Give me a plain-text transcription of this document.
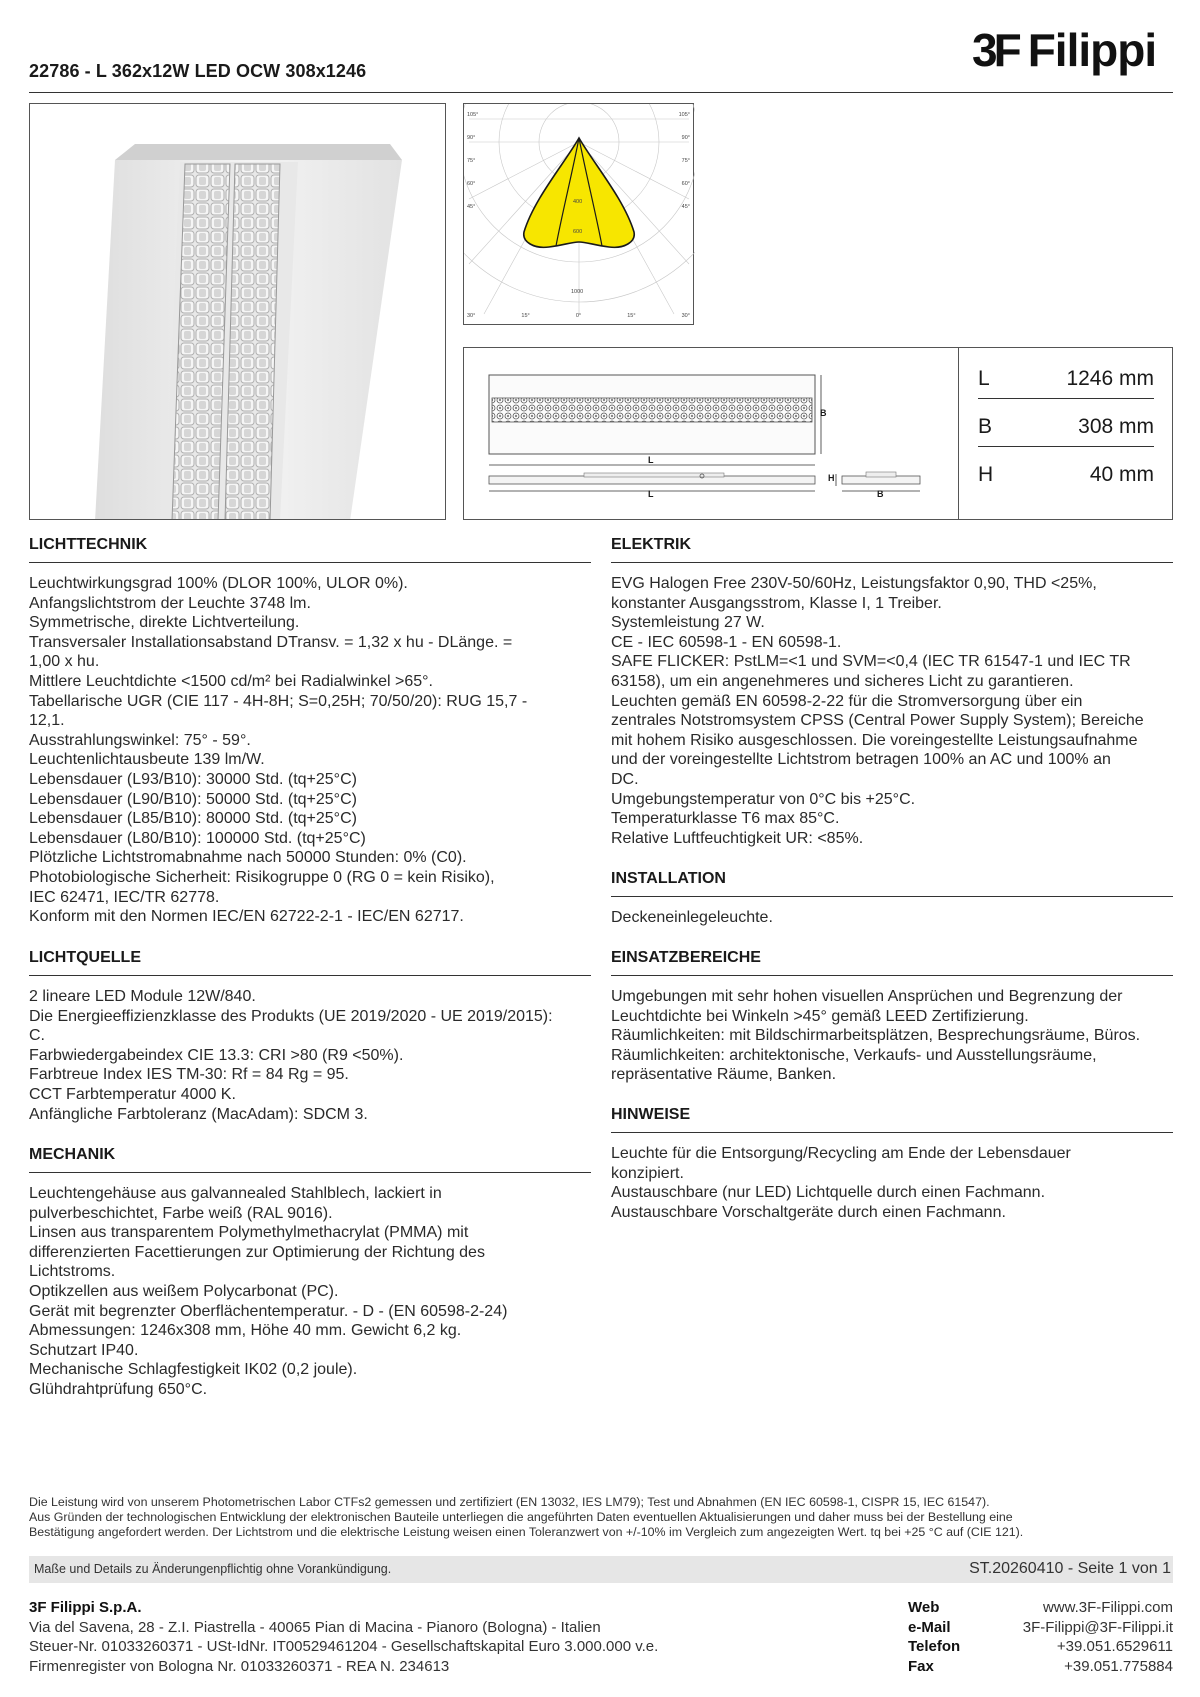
22786 - L 362x12W LED OCW 308x1246	3F Filippi
105°
90°
75°
60°
45°
105°
90°
75°
60°
45°
30°	15°	0°	15°	30°
400
600
1000
B
L
L
H
B
L	1246 mm
B	308 mm
H	40 mm
LICHTTECHNIK
Leuchtwirkungsgrad 100% (DLOR 100%, ULOR 0%).
Anfangslichtstrom der Leuchte 3748 lm.
Symmetrische, direkte Lichtverteilung.
Transversaler Installationsabstand DTransv. = 1,32 x hu - DLänge. =
1,00 x hu.
Mittlere Leuchtdichte <1500 cd/m² bei Radialwinkel >65°.
Tabellarische UGR (CIE 117 - 4H-8H; S=0,25H; 70/50/20): RUG 15,7 -
12,1.
Ausstrahlungswinkel: 75° - 59°.
Leuchtenlichtausbeute 139 lm/W.
Lebensdauer (L93/B10): 30000 Std. (tq+25°C)
Lebensdauer (L90/B10): 50000 Std. (tq+25°C)
Lebensdauer (L85/B10): 80000 Std. (tq+25°C)
Lebensdauer (L80/B10): 100000 Std. (tq+25°C)
Plötzliche Lichtstromabnahme nach 50000 Stunden: 0% (C0).
Photobiologische Sicherheit: Risikogruppe 0 (RG 0 = kein Risiko),
IEC 62471, IEC/TR 62778.
Konform mit den Normen IEC/EN 62722-2-1 - IEC/EN 62717.
LICHTQUELLE
2 lineare LED Module 12W/840.
Die Energieeffizienzklasse des Produkts (UE 2019/2020 - UE 2019/2015):
C.
Farbwiedergabeindex CIE 13.3: CRI >80 (R9 <50%).
Farbtreue Index IES TM-30: Rf = 84 Rg = 95.
CCT Farbtemperatur 4000 K.
Anfängliche Farbtoleranz (MacAdam): SDCM 3.
MECHANIK
Leuchtengehäuse aus galvannealed Stahlblech, lackiert in
pulverbeschichtet, Farbe weiß (RAL 9016).
Linsen aus transparentem Polymethylmethacrylat (PMMA) mit
differenzierten Facettierungen zur Optimierung der Richtung des
Lichtstroms.
Optikzellen aus weißem Polycarbonat (PC).
Gerät mit begrenzter Oberflächentemperatur. - D - (EN 60598-2-24)
Abmessungen: 1246x308 mm, Höhe 40 mm. Gewicht 6,2 kg.
Schutzart IP40.
Mechanische Schlagfestigkeit IK02 (0,2 joule).
Glühdrahtprüfung 650°C.
ELEKTRIK
EVG Halogen Free 230V-50/60Hz, Leistungsfaktor 0,90, THD <25%,
konstanter Ausgangsstrom, Klasse I, 1 Treiber.
Systemleistung 27 W.
CE - IEC 60598-1 - EN 60598-1.
SAFE FLICKER: PstLM=<1 und SVM=<0,4 (IEC TR 61547-1 und IEC TR
63158), um ein angenehmeres und sicheres Licht zu garantieren.
Leuchten gemäß EN 60598-2-22 für die Stromversorgung über ein
zentrales Notstromsystem CPSS (Central Power Supply System); Bereiche
mit hohem Risiko ausgeschlossen. Die voreingestellte Leistungsaufnahme
und der voreingestellte Lichtstrom betragen 100% an AC und 100% an
DC.
Umgebungstemperatur von 0°C bis +25°C.
Temperaturklasse T6 max 85°C.
Relative Luftfeuchtigkeit UR: <85%.
INSTALLATION
Deckeneinlegeleuchte.
EINSATZBEREICHE
Umgebungen mit sehr hohen visuellen Ansprüchen und Begrenzung der
Leuchtdichte bei Winkeln >45° gemäß LEED Zertifizierung.
Räumlichkeiten: mit Bildschirmarbeitsplätzen, Besprechungsräume, Büros.
Räumlichkeiten: architektonische, Verkaufs- und Ausstellungsräume,
repräsentative Räume, Banken.
HINWEISE
Leuchte für die Entsorgung/Recycling am Ende der Lebensdauer
konzipiert.
Austauschbare (nur LED) Lichtquelle durch einen Fachmann.
Austauschbare Vorschaltgeräte durch einen Fachmann.
Die Leistung wird von unserem Photometrischen Labor CTFs2 gemessen und zertifiziert (EN 13032, IES LM79); Test und Abnahmen (EN IEC 60598-1, CISPR 15, IEC 61547).
Aus Gründen der technologischen Entwicklung der elektronischen Bauteile unterliegen die angeführten Daten eventuellen Aktualisierungen und daher muss bei der Bestellung eine
Bestätigung angefordert werden. Der Lichtstrom und die elektrische Leistung weisen einen Toleranzwert von +/-10% im Vergleich zum angezeigten Wert. tq bei +25 °C auf (CIE 121).
Maße und Details zu Änderungenpflichtig ohne Vorankündigung.	ST.20260410 - Seite 1 von 1
3F Filippi S.p.A.
Via del Savena, 28 - Z.I. Piastrella - 40065 Pian di Macina - Pianoro (Bologna) - Italien
Steuer-Nr. 01033260371 - USt-IdNr. IT00529461204 - Gesellschaftskapital Euro 3.000.000 v.e.
Firmenregister von Bologna Nr. 01033260371 - REA N. 234613
Web	www.3F-Filippi.com
e-Mail	3F-Filippi@3F-Filippi.it
Telefon	+39.051.6529611
Fax	+39.051.775884
